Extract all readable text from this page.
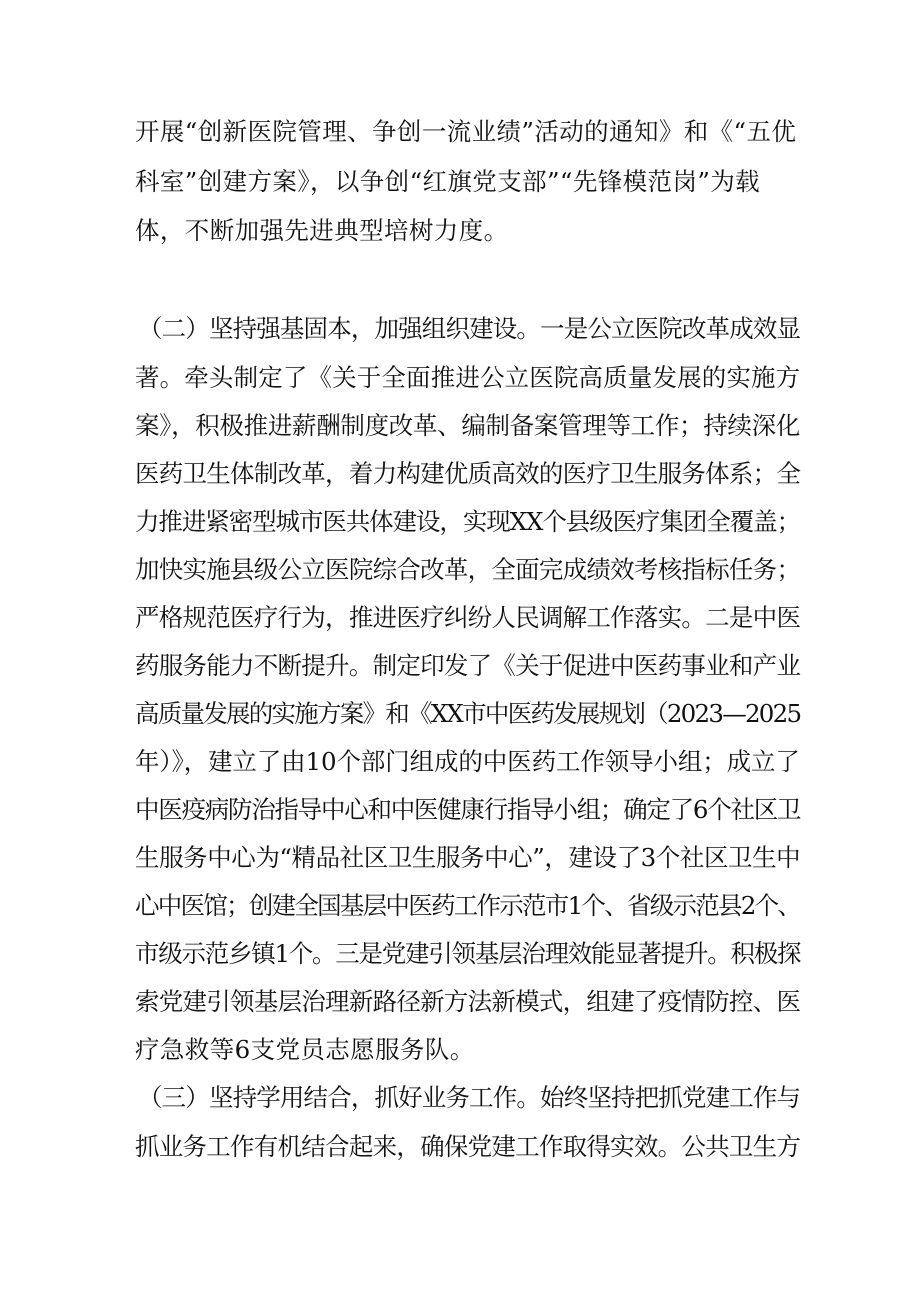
开展“创新医院管理、争创一流业绩”活动的通知》和《“五优
科室”创建方案》，以争创“红旗党支部”“先锋模范岗”为载
体，不断加强先进典型培树力度。
（二）坚持强基固本，加强组织建设。一是公立医院改革成效显
著。牵头制定了《关于全面推进公立医院高质量发展的实施方
案》，积极推进薪酬制度改革、编制备案管理等工作；持续深化
医药卫生体制改革，着力构建优质高效的医疗卫生服务体系；全
力推进紧密型城市医共体建设，实现XX个县级医疗集团全覆盖；
加快实施县级公立医院综合改革，全面完成绩效考核指标任务；
严格规范医疗行为，推进医疗纠纷人民调解工作落实。二是中医
药服务能力不断提升。制定印发了《关于促进中医药事业和产业
高质量发展的实施方案》和《XX市中医药发展规划（2023—2025
年）》，建立了由10个部门组成的中医药工作领导小组；成立了
中医疫病防治指导中心和中医健康行指导小组；确定了6个社区卫
生服务中心为“精品社区卫生服务中心”，建设了3个社区卫生中
心中医馆；创建全国基层中医药工作示范市1个、省级示范县2个、
市级示范乡镇1个。三是党建引领基层治理效能显著提升。积极探
索党建引领基层治理新路径新方法新模式，组建了疫情防控、医
疗急救等6支党员志愿服务队。
（三）坚持学用结合，抓好业务工作。始终坚持把抓党建工作与
抓业务工作有机结合起来，确保党建工作取得实效。公共卫生方
